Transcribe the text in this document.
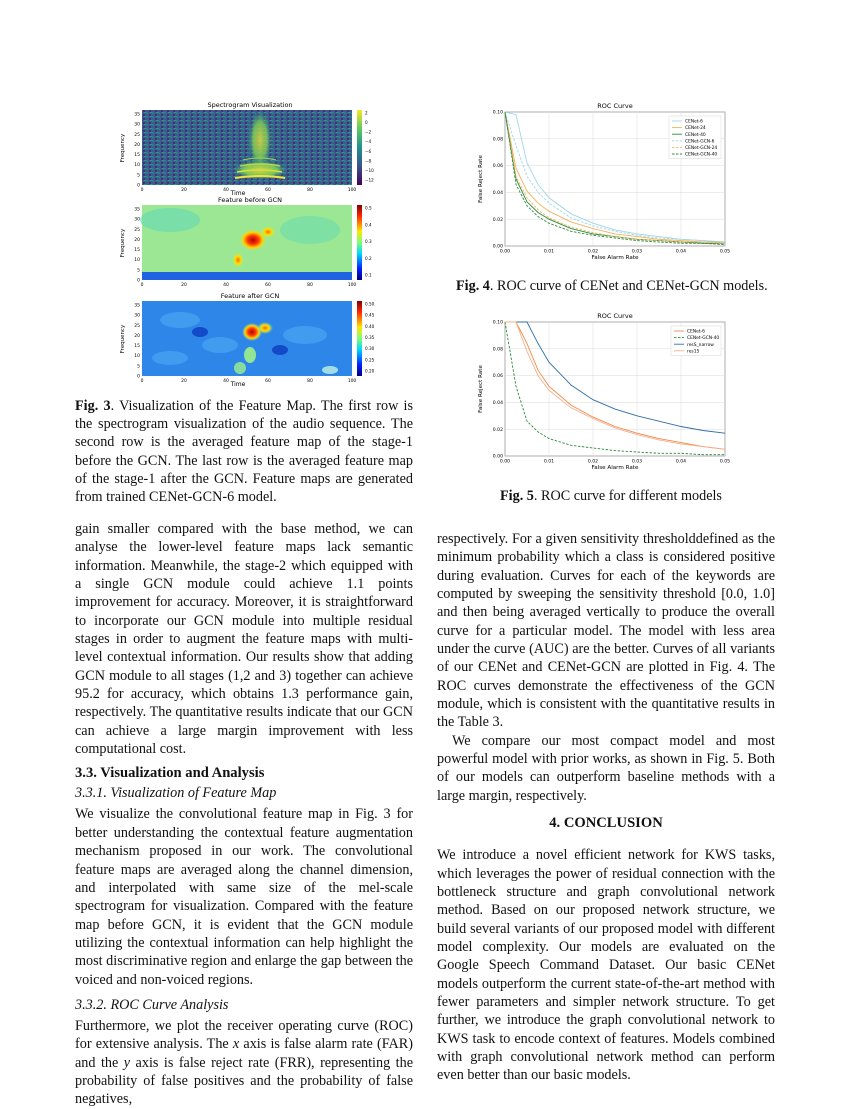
Spectrogram Visualization
Frequency
Time
0	20	40	60	80	100
0
5
10
15
20
25
30
35	2
0
−2
−4
−6
−8
−10
−12
Feature before GCN
Frequency
0	20	40	60	80	100
0
5
10
15
20
25
30
35	0.5
0.4
0.3
0.2
0.1
Feature after GCN
Frequency
Time
0	20	40	60	80	100
0
5
10
15
20
25
30
35	0.50
0.45
0.40
0.35
0.30
0.25
0.20
Fig. 3. Visualization of the Feature Map. The first row is the spectrogram visualization of the audio sequence. The second row is the averaged feature map of the stage-1 before the GCN. The last row is the averaged feature map of the stage-1 after the GCN. Feature maps are generated from trained CENet-GCN-6 model.
ROC Curve
0.00	0.01	0.02	0.03	0.04	0.05
0.00
0.02
0.04
0.06
0.08
0.10
False Alarm Rate
False Reject Rate
CENet-6
CENet-24
CENet-40
CENet-GCN-6
CENet-GCN-24
CENet-GCN-40
Fig. 4. ROC curve of CENet and CENet-GCN models.
ROC Curve
0.00	0.01	0.02	0.03	0.04	0.05
0.00
0.02
0.04
0.06
0.08
0.10
False Alarm Rate
False Reject Rate
CENet-6
CENet-GCN-40
resS_narrow
res15
Fig. 5. ROC curve for different models

gain smaller compared with the base method, we can analyse the lower-level feature maps lack semantic information. Meanwhile, the stage-2 which equipped with a single GCN module could achieve 1.1 points improvement for accuracy. Moreover, it is straightforward to incorporate our GCN module into multiple residual stages in order to augment the feature maps with multi-level contextual information. Our results show that adding GCN module to all stages (1,2 and 3) together can achieve 95.2 for accuracy, which obtains 1.3 performance gain, respectively. The quantitative results indicate that our GCN can achieve a large margin improvement with less computational cost.

3.3. Visualization and Analysis

3.3.1. Visualization of Feature Map

We visualize the convolutional feature map in Fig. 3 for better understanding the contextual feature augmentation mechanism proposed in our work. The convolutional feature maps are averaged along the channel dimension, and interpolated with same size of the mel-scale spectrogram for visualization. Compared with the feature map before GCN, it is evident that the GCN module utilizing the contextual information can help highlight the most discriminative region and enlarge the gap between the voiced and non-voiced regions.

3.3.2. ROC Curve Analysis

Furthermore, we plot the receiver operating curve (ROC) for extensive analysis. The x axis is false alarm rate (FAR) and the y axis is false reject rate (FRR), representing the probability of false positives and the probability of false negatives,

respectively. For a given sensitivity thresholddefined as the minimum probability which a class is considered positive during evaluation. Curves for each of the keywords are computed by sweeping the sensitivity threshold [0.0, 1.0] and then being averaged vertically to produce the overall curve for a particular model. The model with less area under the curve (AUC) are the better. Curves of all variants of our CENet and CENet-GCN are plotted in Fig. 4. The ROC curves demonstrate the effectiveness of the GCN module, which is consistent with the quantitative results in the Table 3.

We compare our most compact model and most powerful model with prior works, as shown in Fig. 5. Both of our models can outperform baseline methods with a large margin, respectively.

4. CONCLUSION

We introduce a novel efficient network for KWS tasks, which leverages the power of residual connection with the bottleneck structure and graph convolutional network method. Based on our proposed network structure, we build several variants of our proposed model with different model complexity. Our models are evaluated on the Google Speech Command Dataset. Our basic CENet models outperform the current state-of-the-art method with fewer parameters and simpler network structure. To get further, we introduce the graph convolutional network to KWS task to encode context of features. Models combined with graph convolutional network method can perform even better than our basic models.
